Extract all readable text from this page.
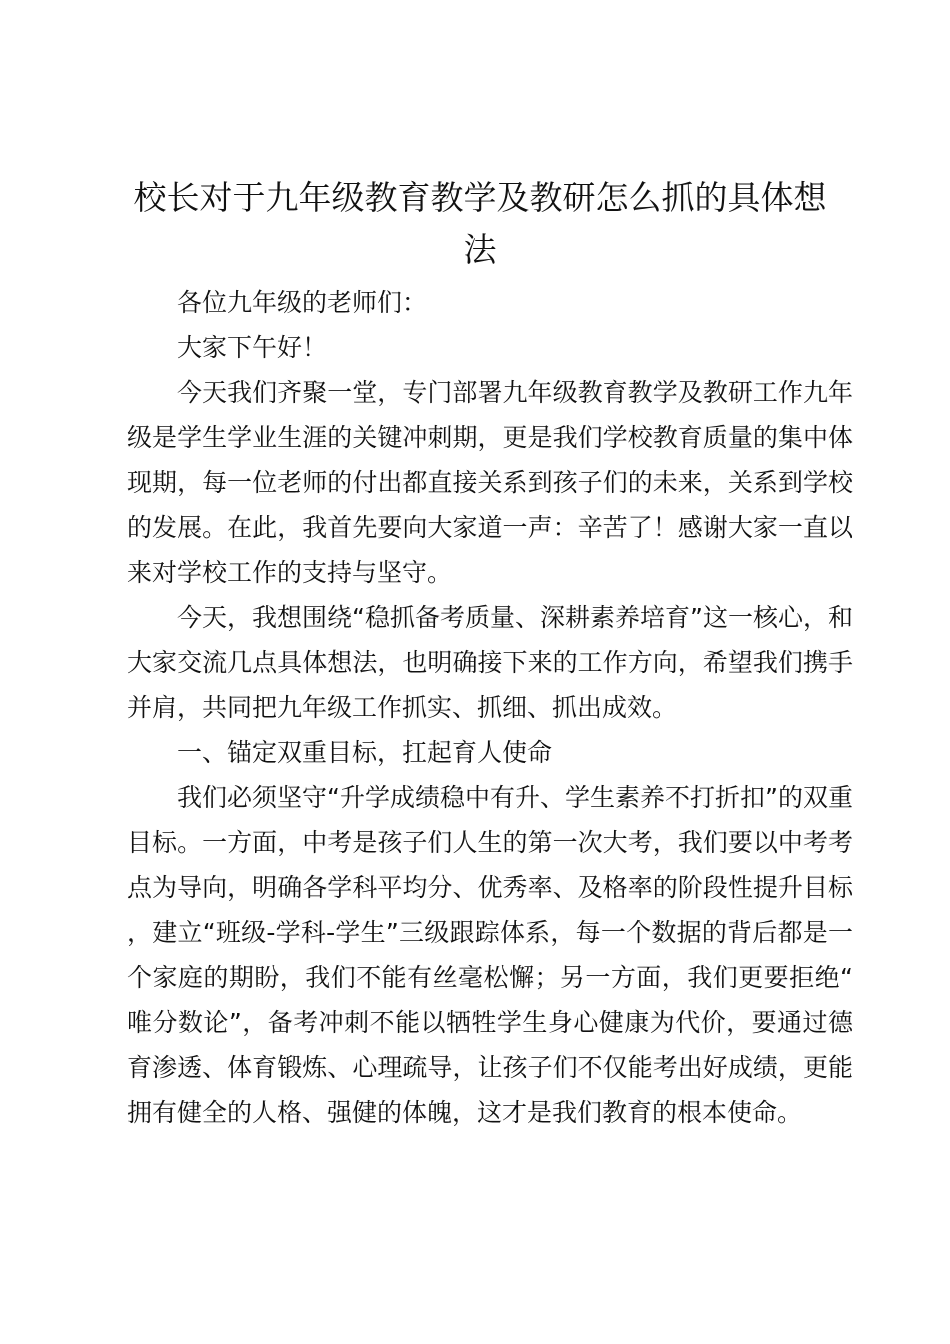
校长对于九年级教育教学及教研怎么抓的具体想法

各位九年级的老师们：

大家下午好！

今天我们齐聚一堂，专门部署九年级教育教学及教研工作九年级是学生学业生涯的关键冲刺期，更是我们学校教育质量的集中体现期，每一位老师的付出都直接关系到孩子们的未来，关系到学校的发展。在此，我首先要向大家道一声：辛苦了！感谢大家一直以来对学校工作的支持与坚守。

今天，我想围绕“稳抓备考质量、深耕素养培育”这一核心，和大家交流几点具体想法，也明确接下来的工作方向，希望我们携手并肩，共同把九年级工作抓实、抓细、抓出成效。

一、锚定双重目标，扛起育人使命

我们必须坚守“升学成绩稳中有升、学生素养不打折扣”的双重目标。一方面，中考是孩子们人生的第一次大考，我们要以中考考点为导向，明确各学科平均分、优秀率、及格率的阶段性提升目标，建立“班级-学科-学生”三级跟踪体系，每一个数据的背后都是一个家庭的期盼，我们不能有丝毫松懈；另一方面，我们更要拒绝“唯分数论”，备考冲刺不能以牺牲学生身心健康为代价，要通过德育渗透、体育锻炼、心理疏导，让孩子们不仅能考出好成绩，更能拥有健全的人格、强健的体魄，这才是我们教育的根本使命。
